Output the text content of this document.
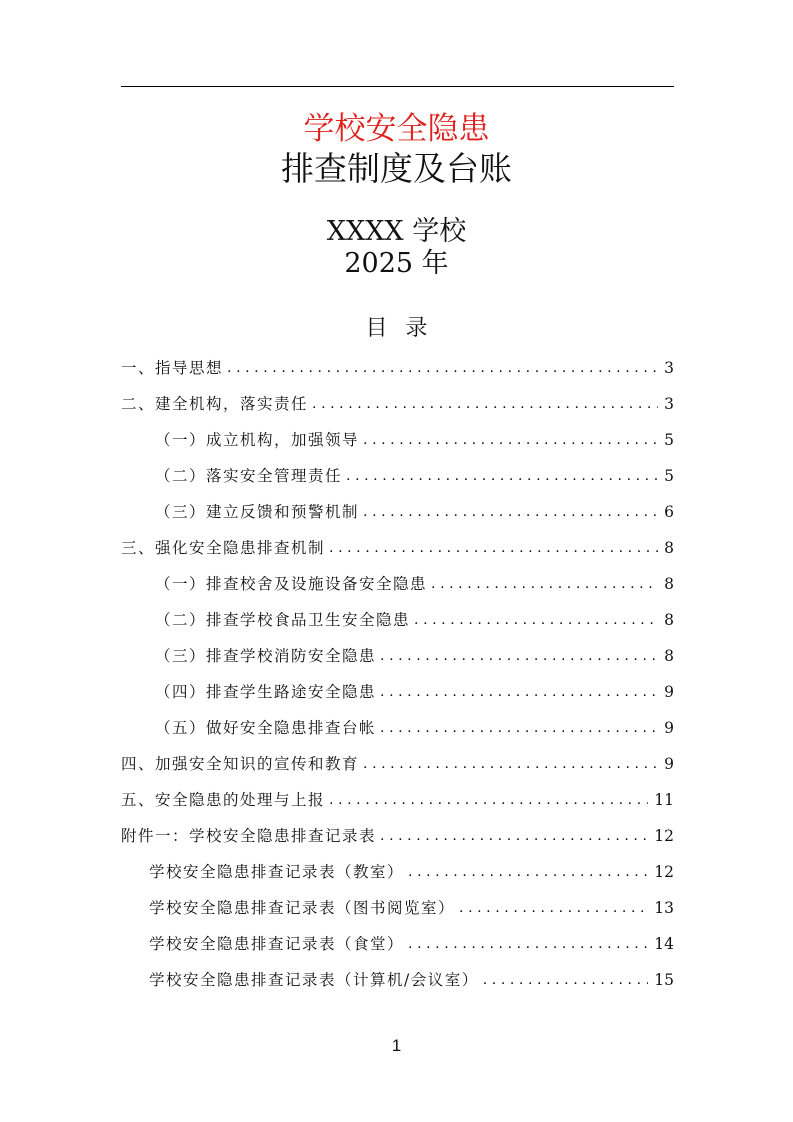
学校安全隐患
排查制度及台账
XXXX 学校
2025 年
目录
一、指导思想 .....	3
二、建全机构，落实责任 .....	3
（一）成立机构，加强领导 .....	5
（二）落实安全管理责任 .....	5
（三）建立反馈和预警机制 .....	6
三、强化安全隐患排查机制 .....	8
（一）排查校舍及设施设备安全隐患 .....	8
（二）排查学校食品卫生安全隐患 .....	8
（三）排查学校消防安全隐患 .....	8
（四）排查学生路途安全隐患 .....	9
（五）做好安全隐患排查台帐 .....	9
四、加强安全知识的宣传和教育 .....	9
五、安全隐患的处理与上报 .....	11
附件一：学校安全隐患排查记录表 .....	12
学校安全隐患排查记录表（教室） .....	12
学校安全隐患排查记录表（图书阅览室） .....	13
学校安全隐患排查记录表（食堂） .....	14
学校安全隐患排查记录表（计算机/会议室） .....	15
1
